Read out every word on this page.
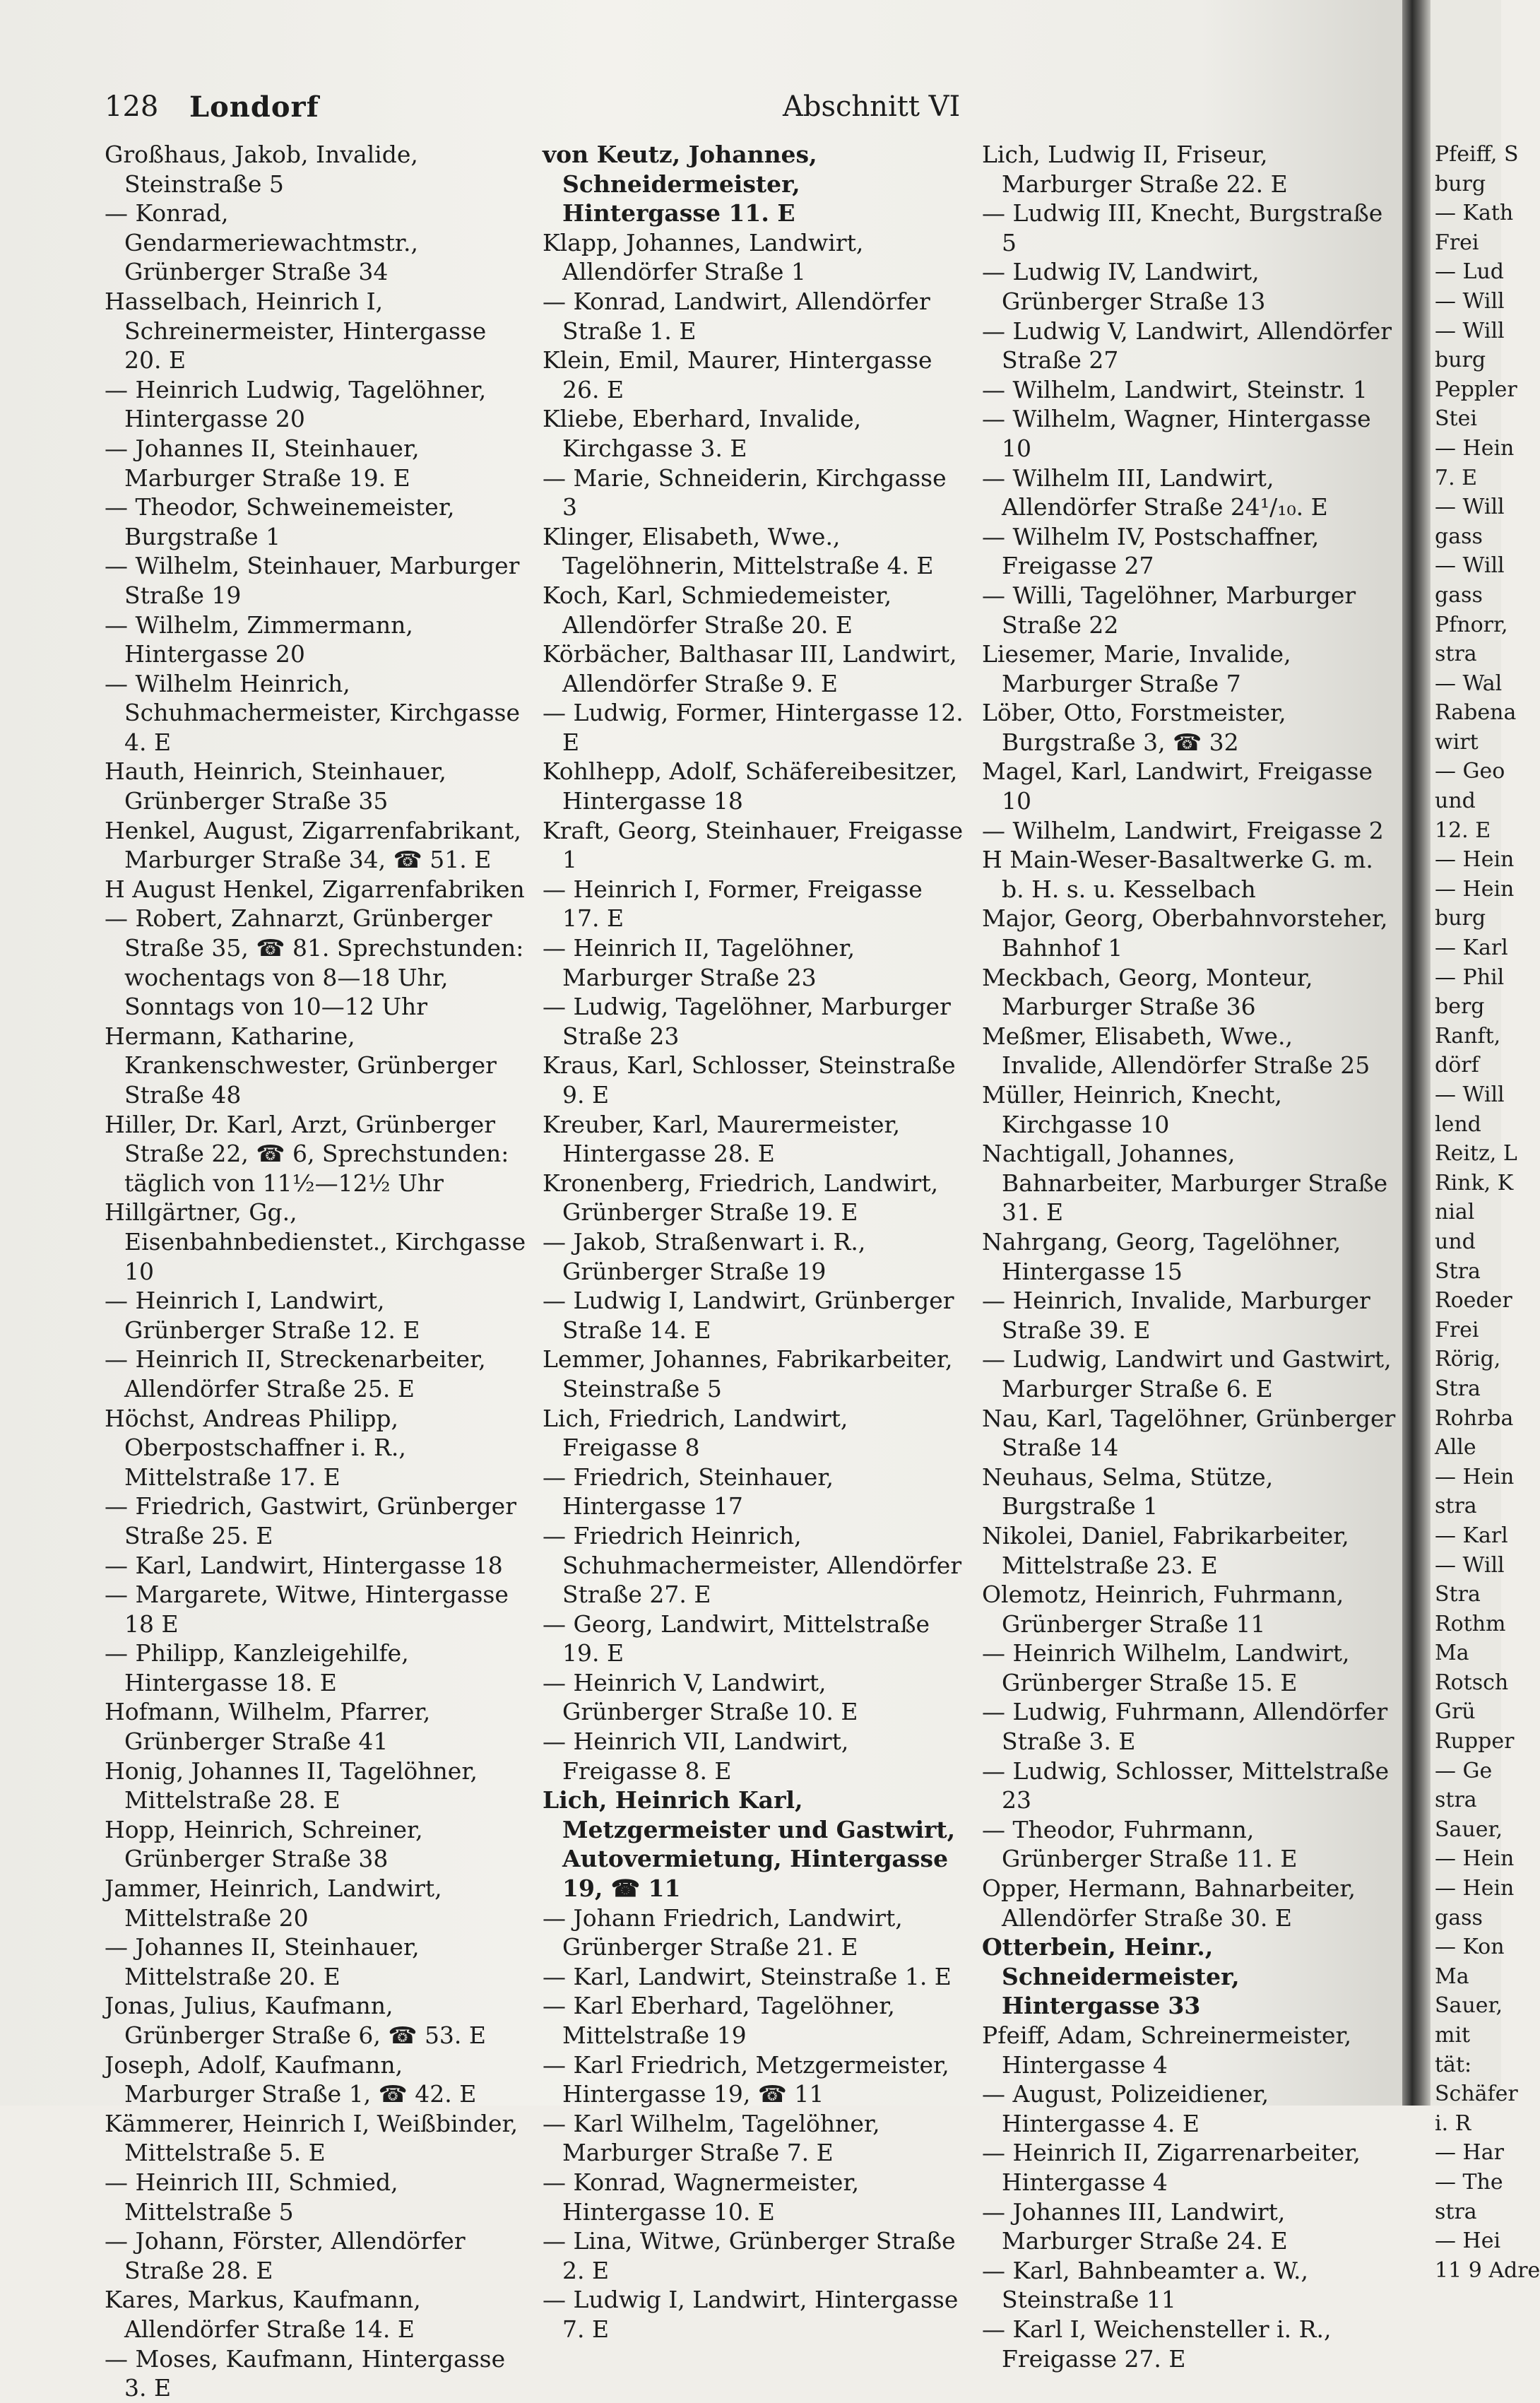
128 Londorf	Abschnitt VI

Großhaus, Jakob, Invalide, Steinstraße 5

— Konrad, Gendarmeriewachtmstr., Grünberger Straße 34

Hasselbach, Heinrich I, Schreinermeister, Hintergasse 20. E

— Heinrich Ludwig, Tagelöhner, Hintergasse 20

— Johannes II, Steinhauer, Marburger Straße 19. E

— Theodor, Schweinemeister, Burgstraße 1

— Wilhelm, Steinhauer, Marburger Straße 19

— Wilhelm, Zimmermann, Hintergasse 20

— Wilhelm Heinrich, Schuhmachermeister, Kirchgasse 4. E

Hauth, Heinrich, Steinhauer, Grünberger Straße 35

Henkel, August, Zigarrenfabrikant, Marburger Straße 34, ☎ 51. E

H August Henkel, Zigarrenfabriken

— Robert, Zahnarzt, Grünberger Straße 35, ☎ 81. Sprechstunden: wochentags von 8—18 Uhr, Sonntags von 10—12 Uhr

Hermann, Katharine, Krankenschwester, Grünberger Straße 48

Hiller, Dr. Karl, Arzt, Grünberger Straße 22, ☎ 6, Sprechstunden: täglich von 11½—12½ Uhr

Hillgärtner, Gg., Eisenbahnbedienstet., Kirchgasse 10

— Heinrich I, Landwirt, Grünberger Straße 12. E

— Heinrich II, Streckenarbeiter, Allendörfer Straße 25. E

Höchst, Andreas Philipp, Oberpostschaffner i. R., Mittelstraße 17. E

— Friedrich, Gastwirt, Grünberger Straße 25. E

— Karl, Landwirt, Hintergasse 18

— Margarete, Witwe, Hintergasse 18 E

— Philipp, Kanzleigehilfe, Hintergasse 18. E

Hofmann, Wilhelm, Pfarrer, Grünberger Straße 41

Honig, Johannes II, Tagelöhner, Mittelstraße 28. E

Hopp, Heinrich, Schreiner, Grünberger Straße 38

Jammer, Heinrich, Landwirt, Mittelstraße 20

— Johannes II, Steinhauer, Mittelstraße 20. E

Jonas, Julius, Kaufmann, Grünberger Straße 6, ☎ 53. E

Joseph, Adolf, Kaufmann, Marburger Straße 1, ☎ 42. E

Kämmerer, Heinrich I, Weißbinder, Mittelstraße 5. E

— Heinrich III, Schmied, Mittelstraße 5

— Johann, Förster, Allendörfer Straße 28. E

Kares, Markus, Kaufmann, Allendörfer Straße 14. E

— Moses, Kaufmann, Hintergasse 3. E

von Keutz, Johannes, Schneidermeister, Hintergasse 11. E

Klapp, Johannes, Landwirt, Allendörfer Straße 1

— Konrad, Landwirt, Allendörfer Straße 1. E

Klein, Emil, Maurer, Hintergasse 26. E

Kliebe, Eberhard, Invalide, Kirchgasse 3. E

— Marie, Schneiderin, Kirchgasse 3

Klinger, Elisabeth, Wwe., Tagelöhnerin, Mittelstraße 4. E

Koch, Karl, Schmiedemeister, Allendörfer Straße 20. E

Körbächer, Balthasar III, Landwirt, Allendörfer Straße 9. E

— Ludwig, Former, Hintergasse 12. E

Kohlhepp, Adolf, Schäfereibesitzer, Hintergasse 18

Kraft, Georg, Steinhauer, Freigasse 1

— Heinrich I, Former, Freigasse 17. E

— Heinrich II, Tagelöhner, Marburger Straße 23

— Ludwig, Tagelöhner, Marburger Straße 23

Kraus, Karl, Schlosser, Steinstraße 9. E

Kreuber, Karl, Maurermeister, Hintergasse 28. E

Kronenberg, Friedrich, Landwirt, Grünberger Straße 19. E

— Jakob, Straßenwart i. R., Grünberger Straße 19

— Ludwig I, Landwirt, Grünberger Straße 14. E

Lemmer, Johannes, Fabrikarbeiter, Steinstraße 5

Lich, Friedrich, Landwirt, Freigasse 8

— Friedrich, Steinhauer, Hintergasse 17

— Friedrich Heinrich, Schuhmachermeister, Allendörfer Straße 27. E

— Georg, Landwirt, Mittelstraße 19. E

— Heinrich V, Landwirt, Grünberger Straße 10. E

— Heinrich VII, Landwirt, Freigasse 8. E

Lich, Heinrich Karl, Metzgermeister und Gastwirt, Autovermietung, Hintergasse 19, ☎ 11

— Johann Friedrich, Landwirt, Grünberger Straße 21. E

— Karl, Landwirt, Steinstraße 1. E

— Karl Eberhard, Tagelöhner, Mittelstraße 19

— Karl Friedrich, Metzgermeister, Hintergasse 19, ☎ 11

— Karl Wilhelm, Tagelöhner, Marburger Straße 7. E

— Konrad, Wagnermeister, Hintergasse 10. E

— Lina, Witwe, Grünberger Straße 2. E

— Ludwig I, Landwirt, Hintergasse 7. E

Lich, Ludwig II, Friseur, Marburger Straße 22. E

— Ludwig III, Knecht, Burgstraße 5

— Ludwig IV, Landwirt, Grünberger Straße 13

— Ludwig V, Landwirt, Allendörfer Straße 27

— Wilhelm, Landwirt, Steinstr. 1

— Wilhelm, Wagner, Hintergasse 10

— Wilhelm III, Landwirt, Allendörfer Straße 24¹/₁₀. E

— Wilhelm IV, Postschaffner, Freigasse 27

— Willi, Tagelöhner, Marburger Straße 22

Liesemer, Marie, Invalide, Marburger Straße 7

Löber, Otto, Forstmeister, Burgstraße 3, ☎ 32

Magel, Karl, Landwirt, Freigasse 10

— Wilhelm, Landwirt, Freigasse 2

H Main-Weser-Basaltwerke G. m. b. H. s. u. Kesselbach

Major, Georg, Oberbahnvorsteher, Bahnhof 1

Meckbach, Georg, Monteur, Marburger Straße 36

Meßmer, Elisabeth, Wwe., Invalide, Allendörfer Straße 25

Müller, Heinrich, Knecht, Kirchgasse 10

Nachtigall, Johannes, Bahnarbeiter, Marburger Straße 31. E

Nahrgang, Georg, Tagelöhner, Hintergasse 15

— Heinrich, Invalide, Marburger Straße 39. E

— Ludwig, Landwirt und Gastwirt, Marburger Straße 6. E

Nau, Karl, Tagelöhner, Grünberger Straße 14

Neuhaus, Selma, Stütze, Burgstraße 1

Nikolei, Daniel, Fabrikarbeiter, Mittelstraße 23. E

Olemotz, Heinrich, Fuhrmann, Grünberger Straße 11

— Heinrich Wilhelm, Landwirt, Grünberger Straße 15. E

— Ludwig, Fuhrmann, Allendörfer Straße 3. E

— Ludwig, Schlosser, Mittelstraße 23

— Theodor, Fuhrmann, Grünberger Straße 11. E

Opper, Hermann, Bahnarbeiter, Allendörfer Straße 30. E

Otterbein, Heinr., Schneidermeister, Hintergasse 33

Pfeiff, Adam, Schreinermeister, Hintergasse 4

— August, Polizeidiener, Hintergasse 4. E

— Heinrich II, Zigarrenarbeiter, Hintergasse 4

— Johannes III, Landwirt, Marburger Straße 24. E

— Karl, Bahnbeamter a. W., Steinstraße 11

— Karl I, Weichensteller i. R., Freigasse 27. E

Pfeiff, S
burg
— Kath
Frei
— Lud
— Will
— Will
burg
Peppler
Stei
— Hein
7. E
— Will
gass
— Will
gass
Pfnorr,
stra
— Wal
Rabena
wirt
— Geo
und
12. E
— Hein
— Hein
burg
— Karl
— Phil
berg
Ranft,
dörf
— Will
lend
Reitz, L
Rink, K
nial
und
Stra
Roeder
Frei
Rörig,
Stra
Rohrba
Alle
— Hein
stra
— Karl
— Will
Stra
Rothm
Ma
Rotsch
Grü
Rupper
— Ge
stra
Sauer,
— Hein
— Hein
gass
— Kon
Ma
Sauer,
mit
tät:
Schäfer
i. R
— Har
— The
stra
— Hei
11 9 Adre
